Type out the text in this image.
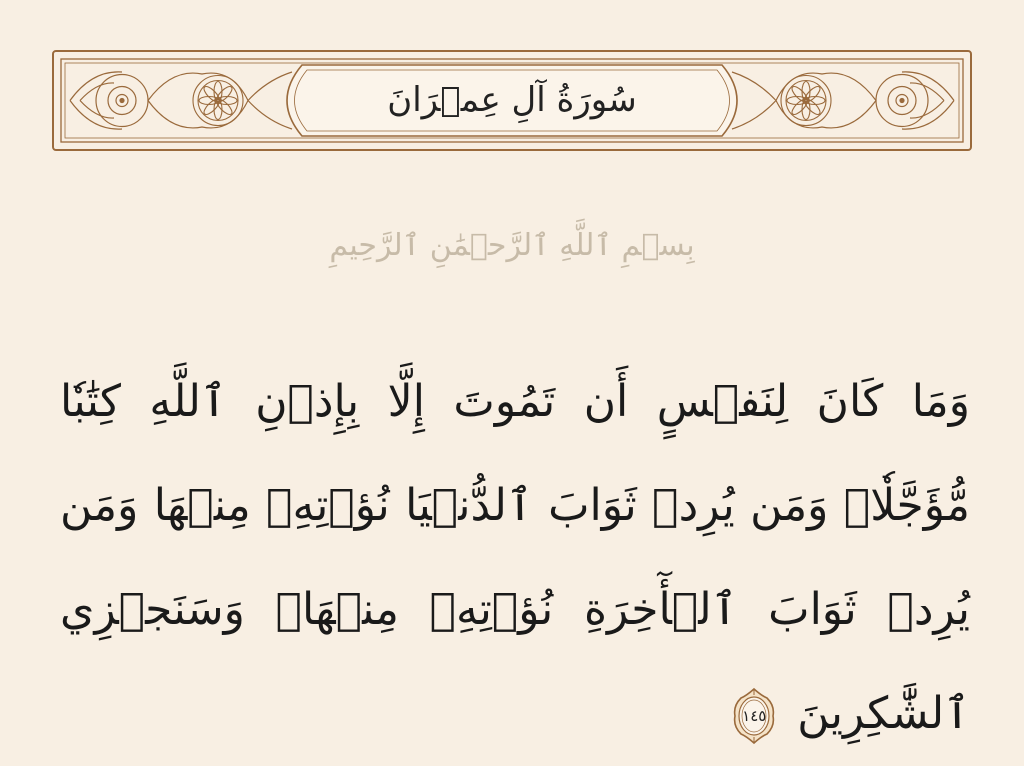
سُورَةُ آلِ عِمۡرَانَ
بِسۡمِ ٱللَّهِ ٱلرَّحۡمَٰنِ ٱلرَّحِيمِ
وَمَا كَانَ لِنَفۡسٍ أَن تَمُوتَ إِلَّا بِإِذۡنِ ٱللَّهِ كِتَٰبٗا مُّؤَجَّلٗاۗ وَمَن يُرِدۡ ثَوَابَ ٱلدُّنۡيَا نُؤۡتِهِۦ مِنۡهَا وَمَن يُرِدۡ ثَوَابَ ٱلۡأٓخِرَةِ نُؤۡتِهِۦ مِنۡهَاۚ وَسَنَجۡزِي ٱلشَّٰكِرِينَ
١٤٥
